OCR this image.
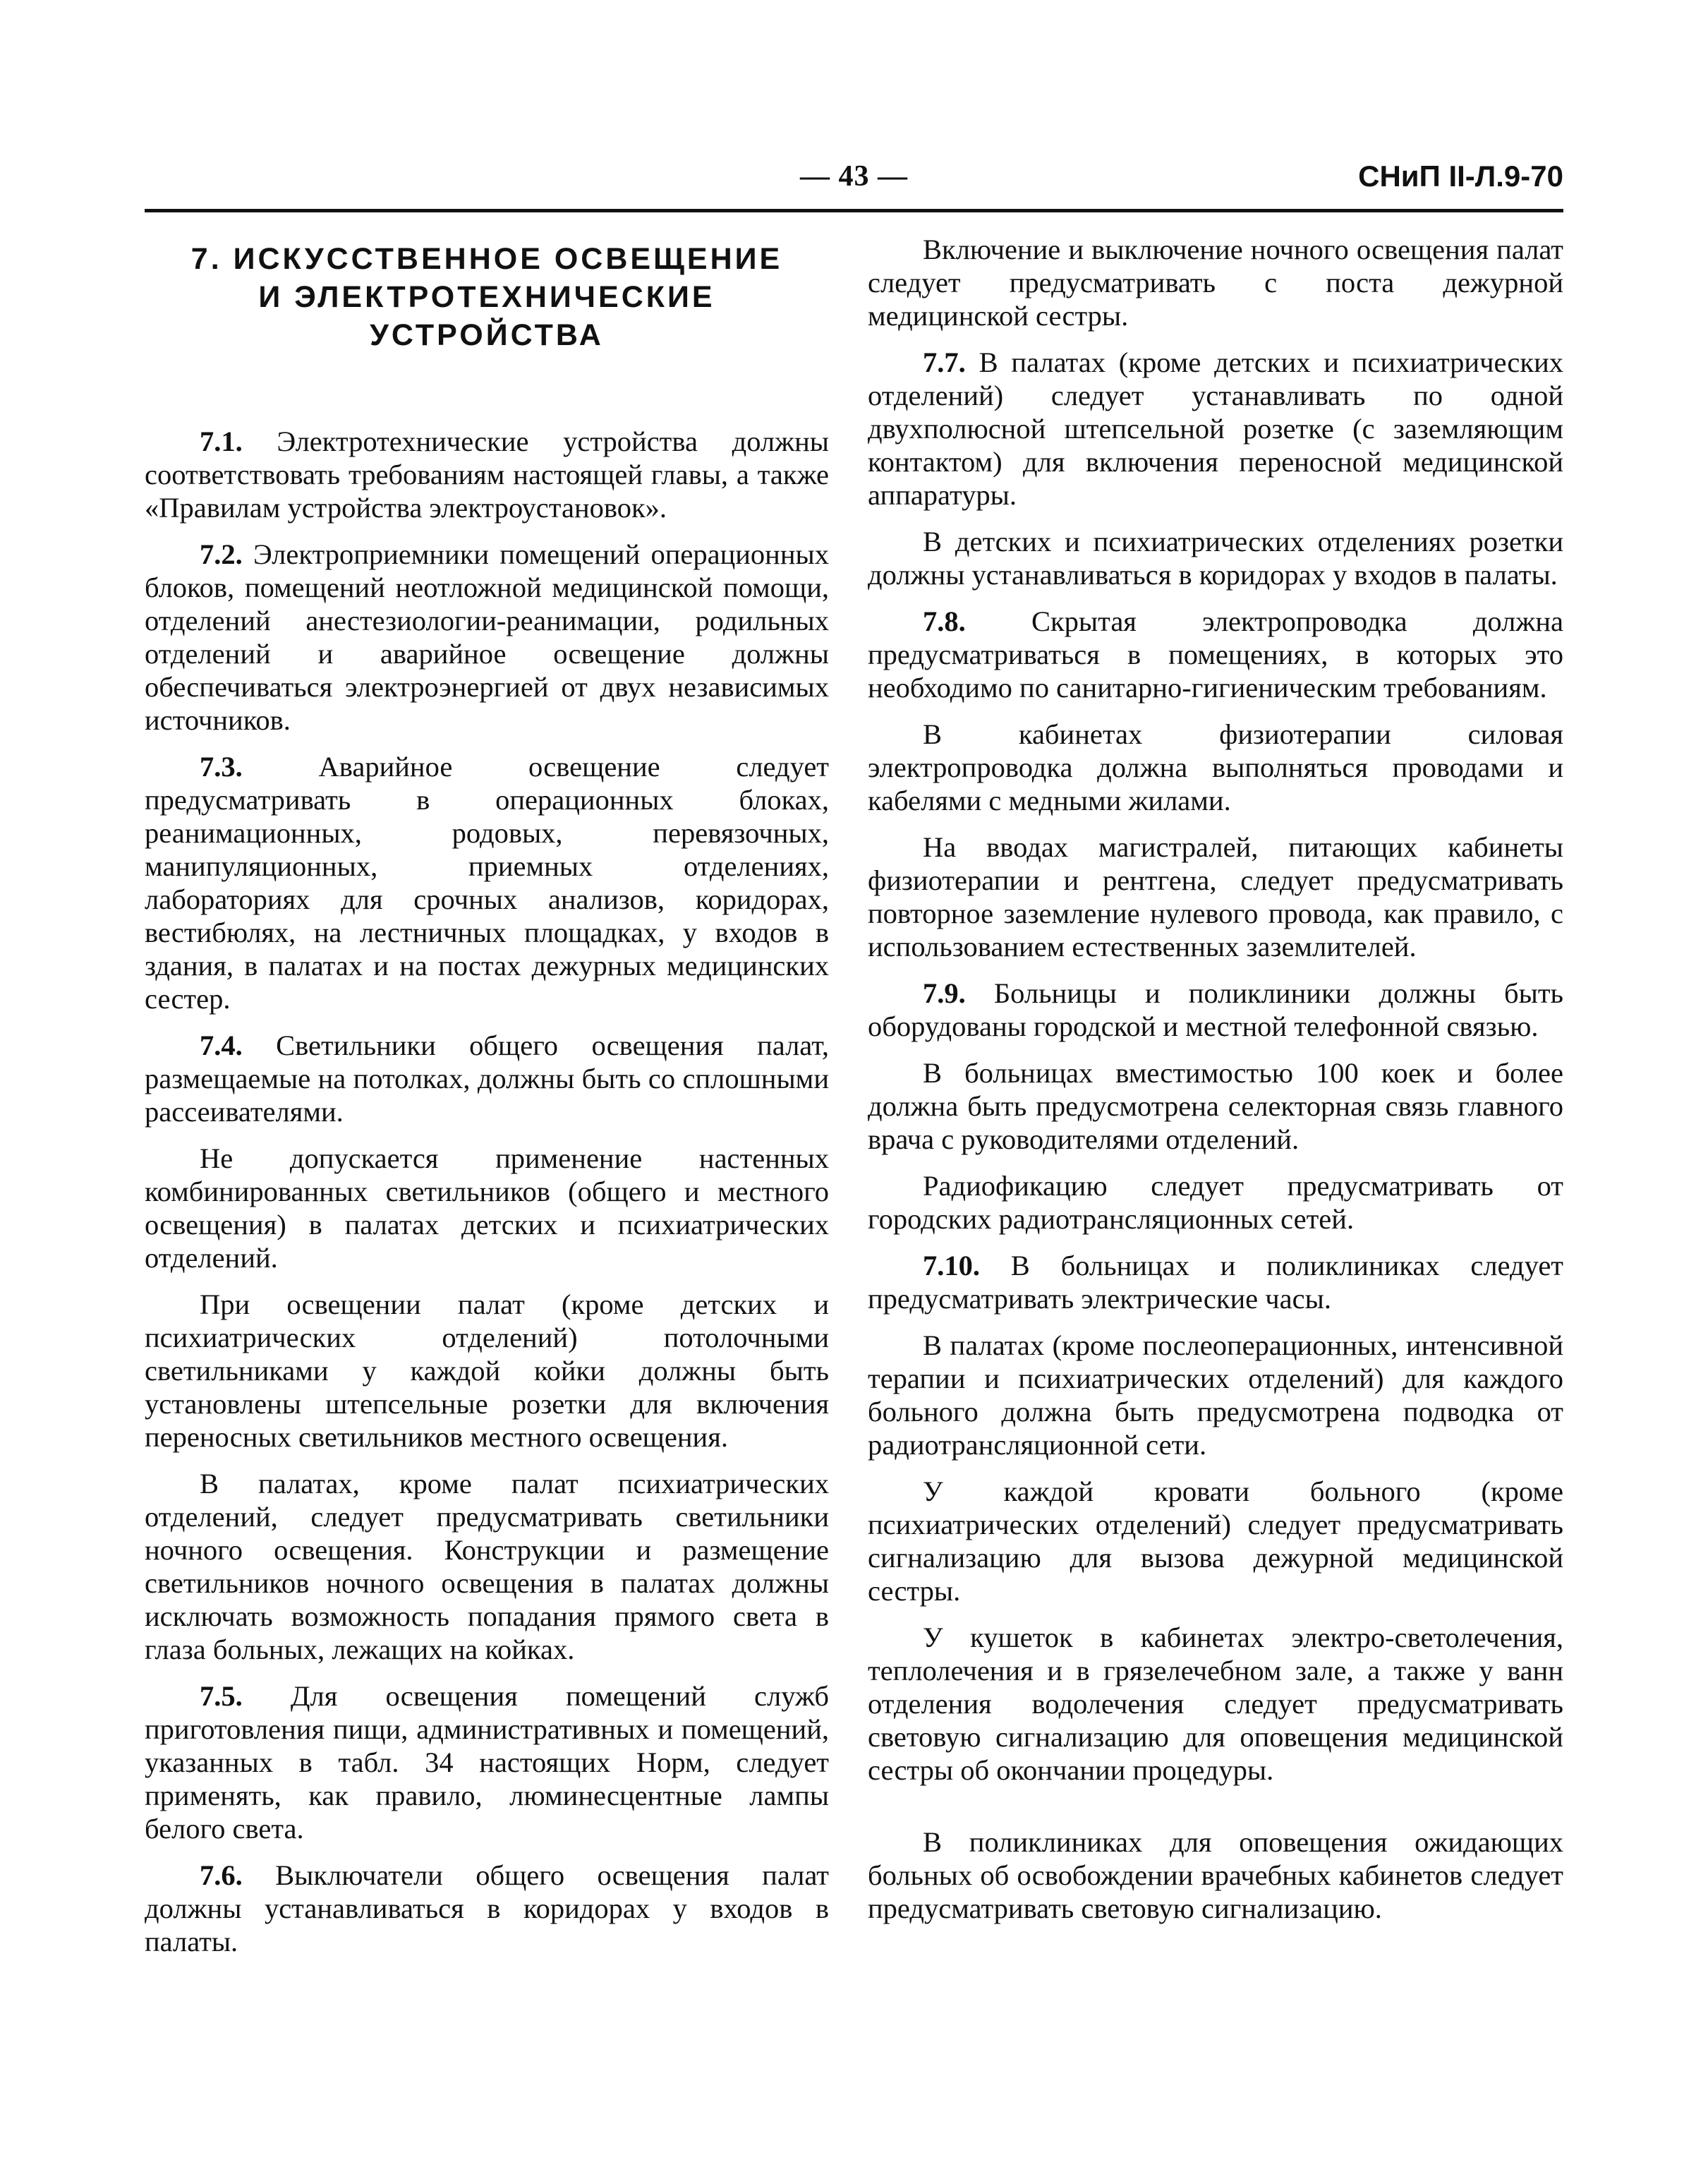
— 43 —	СНиП II-Л.9-70
7. ИСКУССТВЕННОЕ ОСВЕЩЕНИЕ
И ЭЛЕКТРОТЕХНИЧЕСКИЕ
УСТРОЙСТВА

7.1. Электротехнические устройства должны соответствовать требованиям настоящей главы, а также «Правилам устройства электроустановок».

7.2. Электроприемники помещений операционных блоков, помещений неотложной медицинской помощи, отделений анестезиологии-реанимации, родильных отделений и аварийное освещение должны обеспечиваться электроэнергией от двух независимых источников.

7.3.	Аварийное освещение следует предусматривать в операционных блоках, реанимационных, родовых, перевязочных, манипуляционных, приемных отделениях, лабораториях для срочных анализов, коридорах, вестибюлях, на лестничных площадках, у входов в здания, в палатах и на постах дежурных медицинских сестер.

7.4. Светильники общего освещения палат, размещаемые на потолках, должны быть со сплошными рассеивателями.

Не допускается применение настенных комбинированных светильников (общего и местного освещения) в палатах детских и психиатрических отделений.

При освещении палат (кроме детских и психиатрических отделений) потолочными светильниками у каждой койки должны быть установлены штепсельные розетки для включения переносных светильников местного освещения.

В палатах, кроме палат психиатрических отделений, следует предусматривать светильники ночного освещения. Конструкции и размещение светильников ночного освещения в палатах должны исключать возможность попадания прямого света в глаза больных, лежащих на койках.

7.5. Для освещения помещений служб приготовления пищи, административных и помещений, указанных в табл. 34 настоящих Норм, следует применять, как правило, люминесцентные лампы белого света.

7.6. Выключатели общего освещения палат должны устанавливаться в коридорах у входов в палаты.

Включение и выключение ночного освещения палат следует предусматривать с поста дежурной медицинской сестры.

7.7. В палатах (кроме детских и психиатрических отделений) следует устанавливать по одной двухполюсной штепсельной розетке (с заземляющим контактом) для включения переносной медицинской аппаратуры.

В детских и психиатрических отделениях розетки должны устанавливаться в коридорах у входов в палаты.

7.8. Скрытая электропроводка должна предусматриваться в помещениях, в которых это необходимо по санитарно-гигиеническим требованиям.

В кабинетах физиотерапии силовая электропроводка должна выполняться проводами и кабелями с медными жилами.

На вводах магистралей, питающих кабинеты физиотерапии и рентгена, следует предусматривать повторное заземление нулевого провода, как правило, с использованием естественных заземлителей.

7.9. Больницы и поликлиники должны быть оборудованы городской и местной телефонной связью.

В больницах вместимостью 100 коек и более должна быть предусмотрена селекторная связь главного врача с руководителями отделений.

Радиофикацию следует предусматривать от городских радиотрансляционных сетей.

7.10. В больницах и поликлиниках следует предусматривать электрические часы.

В палатах (кроме послеоперационных, интенсивной терапии и психиатрических отделений) для каждого больного должна быть предусмотрена подводка от радиотрансляционной сети.

У каждой кровати больного (кроме психиатрических отделений) следует предусматривать сигнализацию для вызова дежурной медицинской сестры.

У кушеток в кабинетах электро-светолечения, теплолечения и в грязелечебном зале, а также у ванн отделения водолечения следует предусматривать световую сигнализацию для оповещения медицинской сестры об окончании процедуры.

В поликлиниках для оповещения ожидающих больных об освобождении врачебных кабинетов следует предусматривать световую сигнализацию.
